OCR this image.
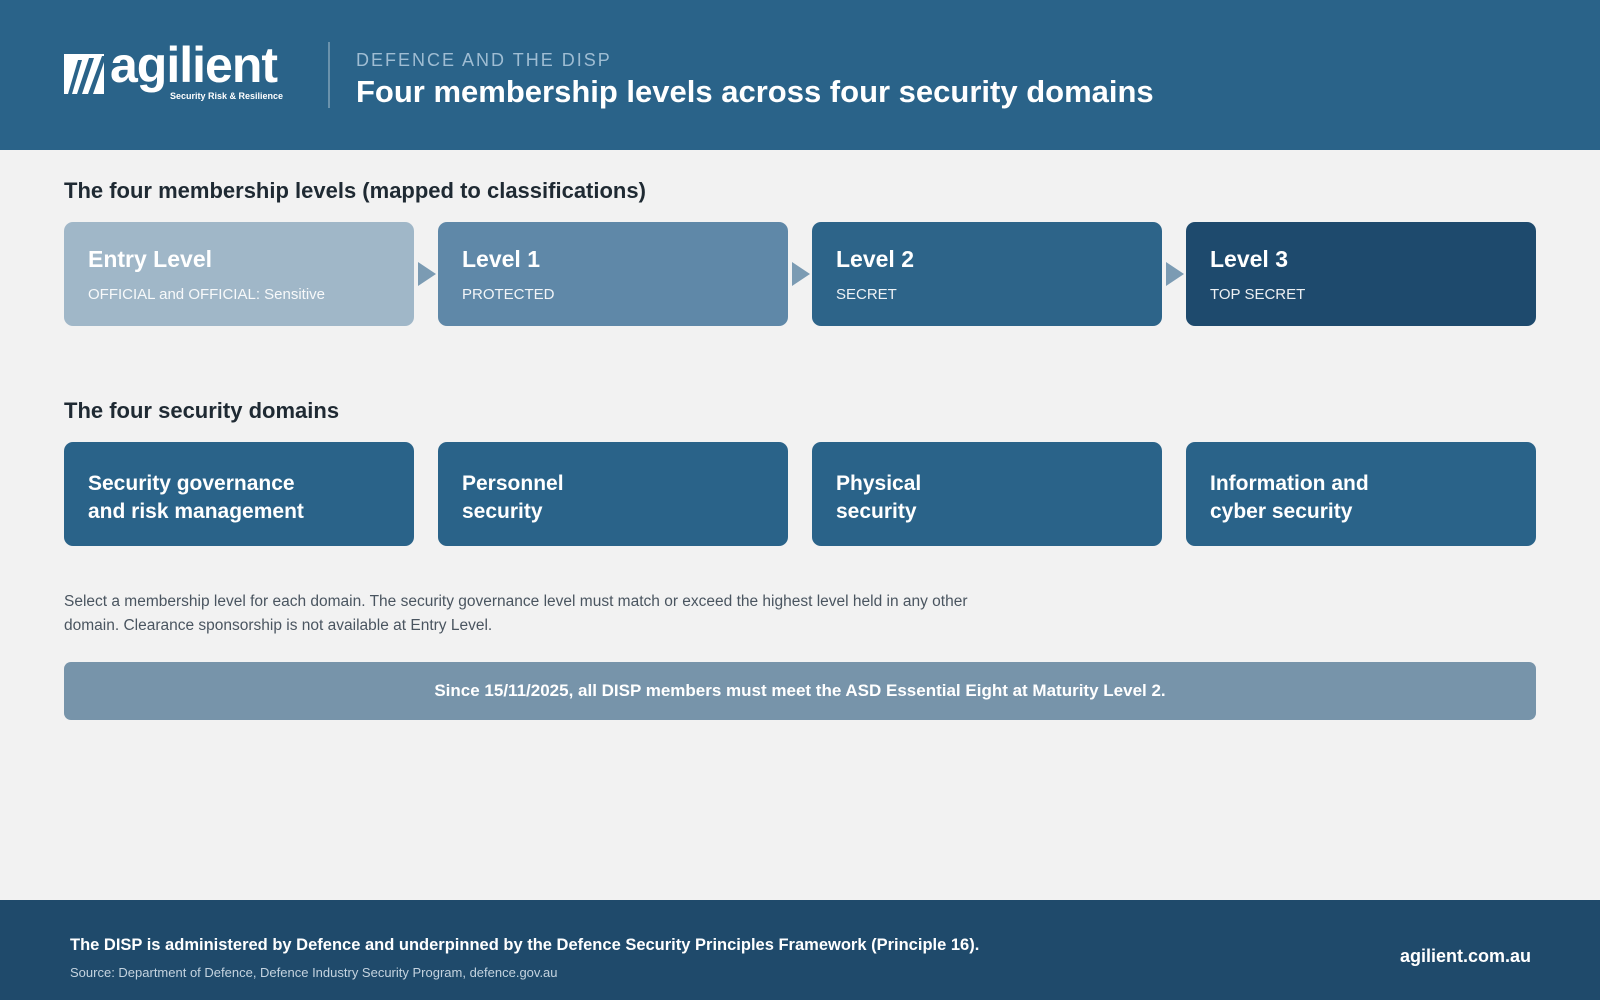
agilient
Security Risk & Resilience
DEFENCE AND THE DISP
Four membership levels across four security domains
The four membership levels (mapped to classifications)
Entry Level
OFFICIAL and OFFICIAL: Sensitive
Level 1
PROTECTED
Level 2
SECRET
Level 3
TOP SECRET
The four security domains
Security governance
and risk management
Personnel
security
Physical
security
Information and
cyber security
Select a membership level for each domain. The security governance level must match or exceed the highest level held in any other domain. Clearance sponsorship is not available at Entry Level.
Since 15/11/2025, all DISP members must meet the ASD Essential Eight at Maturity Level 2.
The DISP is administered by Defence and underpinned by the Defence Security Principles Framework (Principle 16).
Source: Department of Defence, Defence Industry Security Program, defence.gov.au
agilient.com.au
